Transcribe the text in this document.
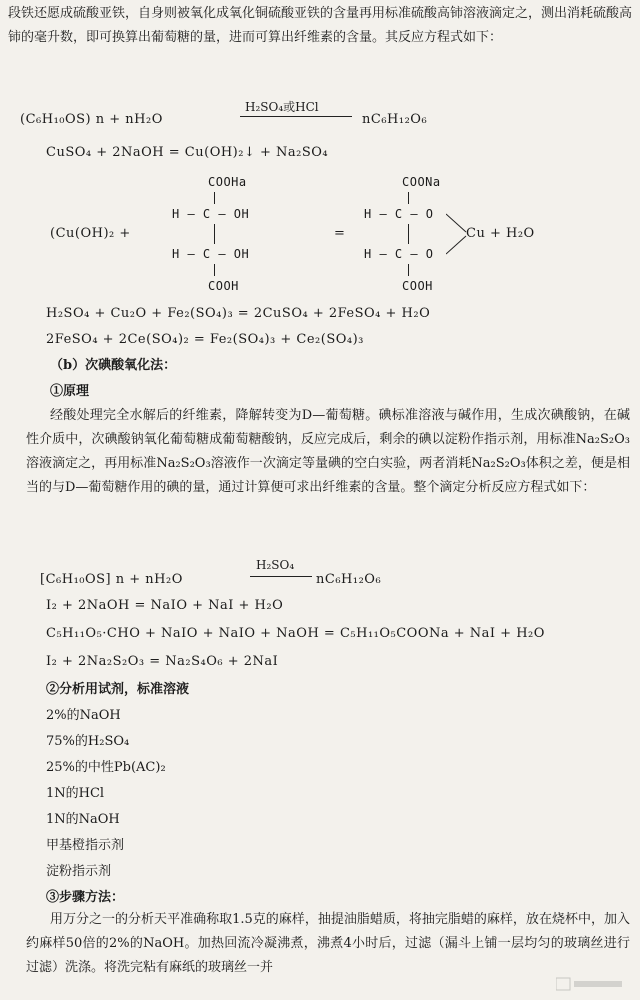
段铁还愿成硫酸亚铁，自身则被氧化成氧化铜硫酸亚铁的含量再用标准硫酸高铈溶液滴定之，测出消耗硫酸高铈的毫升数，即可换算出葡萄糖的量，进而可算出纤维素的含量。其反应方程式如下：
(C₆H₁₀OS) n + nH₂O
H₂SO₄或HCl
nC₆H₁₂O₆
CuSO₄ + 2NaOH = Cu(OH)₂↓ + Na₂SO₄
COOHa
(Cu(OH)₂ +
H — C — OH
H — C — OH
COOH
=
COONa
H — C — O
H — C — O
Cu + H₂O
COOH
H₂SO₄ + Cu₂O + Fe₂(SO₄)₃ = 2CuSO₄ + 2FeSO₄ + H₂O
2FeSO₄ + 2Ce(SO₄)₂ = Fe₂(SO₄)₃ + Ce₂(SO₄)₃
（b）次碘酸氧化法：
①原理
经酸处理完全水解后的纤维素，降解转变为D—葡萄糖。碘标准溶液与碱作用，生成次碘酸钠，在碱性介质中，次碘酸钠氧化葡萄糖成葡萄糖酸钠，反应完成后，剩余的碘以淀粉作指示剂，用标准Na₂S₂O₃溶液滴定之，再用标准Na₂S₂O₃溶液作一次滴定等量碘的空白实验，两者消耗Na₂S₂O₃体积之差，便是相当的与D—葡萄糖作用的碘的量，通过计算便可求出纤维素的含量。整个滴定分析反应方程式如下：
[C₆H₁₀OS] n + nH₂O
H₂SO₄
nC₆H₁₂O₆
I₂ + 2NaOH = NaIO + NaI + H₂O
C₅H₁₁O₅·CHO + NaIO + NaIO + NaOH = C₅H₁₁O₅COONa + NaI + H₂O
I₂ + 2Na₂S₂O₃ = Na₂S₄O₆ + 2NaI
②分析用试剂，标准溶液
2%的NaOH
75%的H₂SO₄
25%的中性Pb(AC)₂
1N的HCl
1N的NaOH
甲基橙指示剂
淀粉指示剂
③步骤方法：
用万分之一的分析天平准确称取1.5克的麻样，抽提油脂蜡质，将抽完脂蜡的麻样，放在烧杯中，加入约麻样50倍的2%的NaOH。加热回流冷凝沸煮，沸煮4小时后，过滤（漏斗上铺一层均匀的玻璃丝进行过滤）洗涤。将洗完粘有麻纸的玻璃丝一并
